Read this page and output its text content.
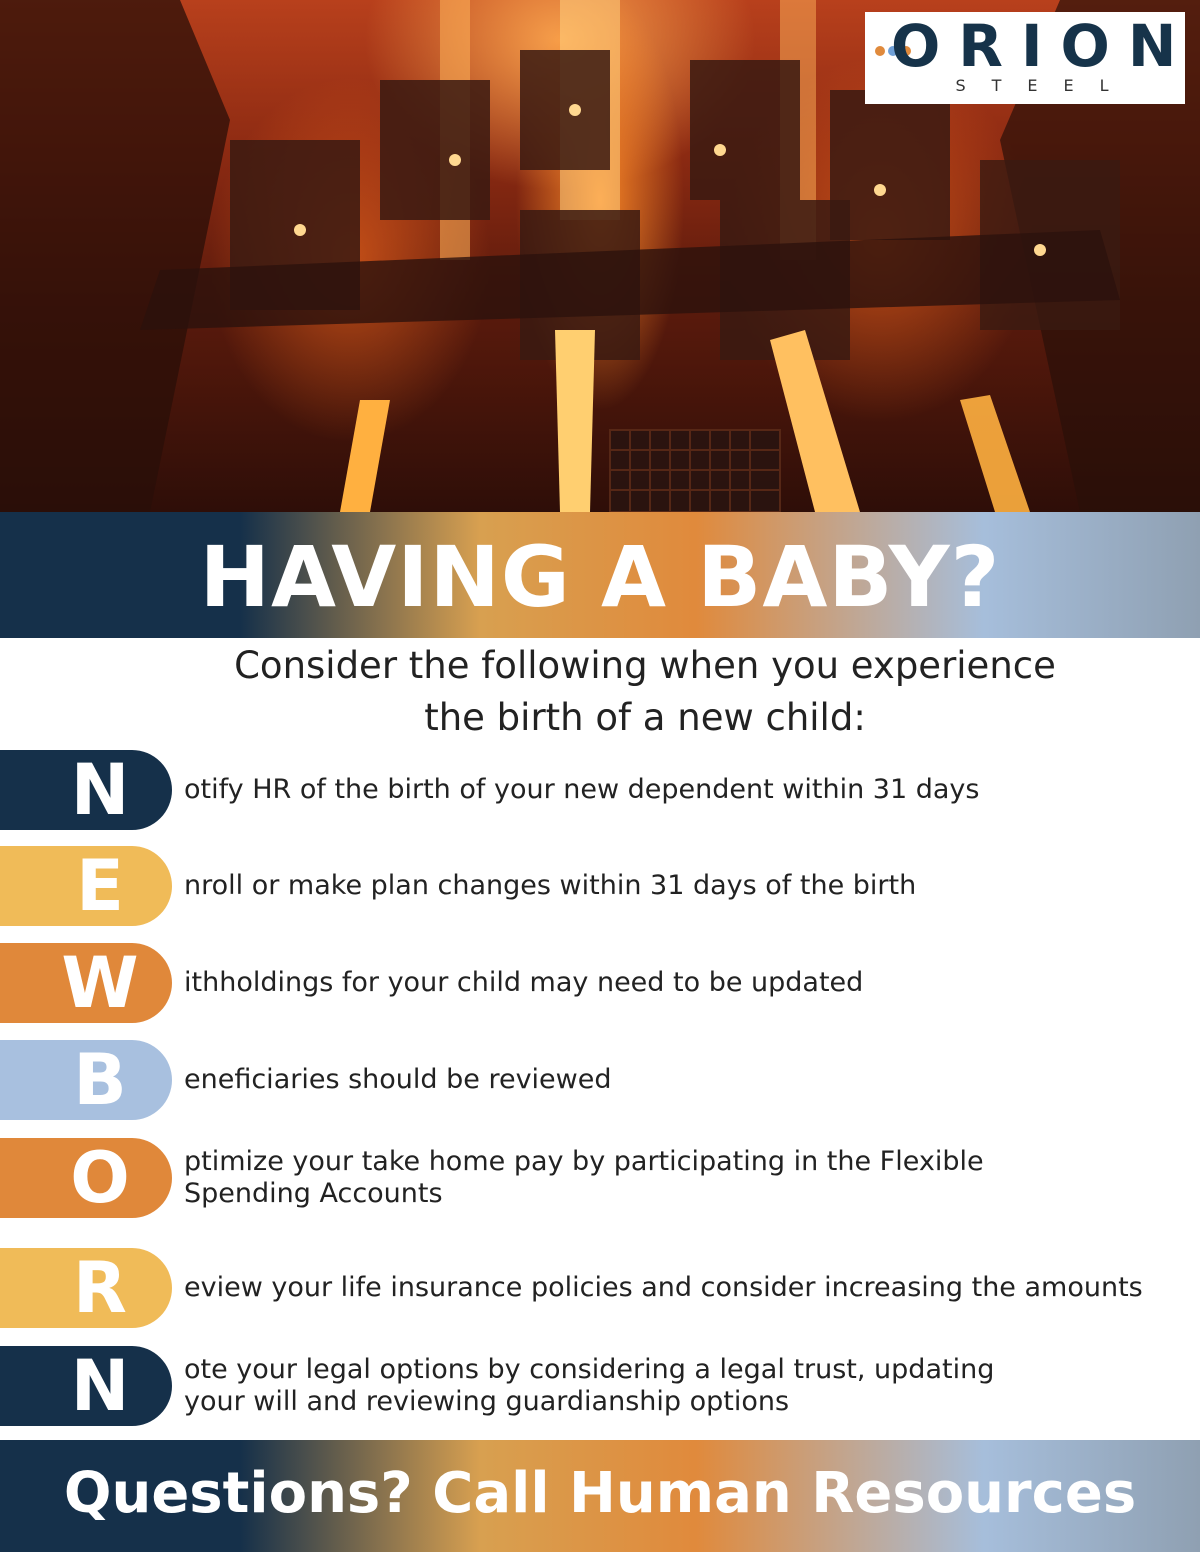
ORION
STEEL
HAVING A BABY?
Consider the following when you experience
the birth of a new child:
N otify HR of the birth of your new dependent within 31 days
E nroll or make plan changes within 31 days of the birth
W ithholdings for your child may need to be updated
B eneficiaries should be reviewed
O ptimize your take home pay by participating in the Flexible
Spending Accounts
R eview your life insurance policies and consider increasing the amounts
N ote your legal options by considering a legal trust, updating
your will and reviewing guardianship options
Questions? Call Human Resources
